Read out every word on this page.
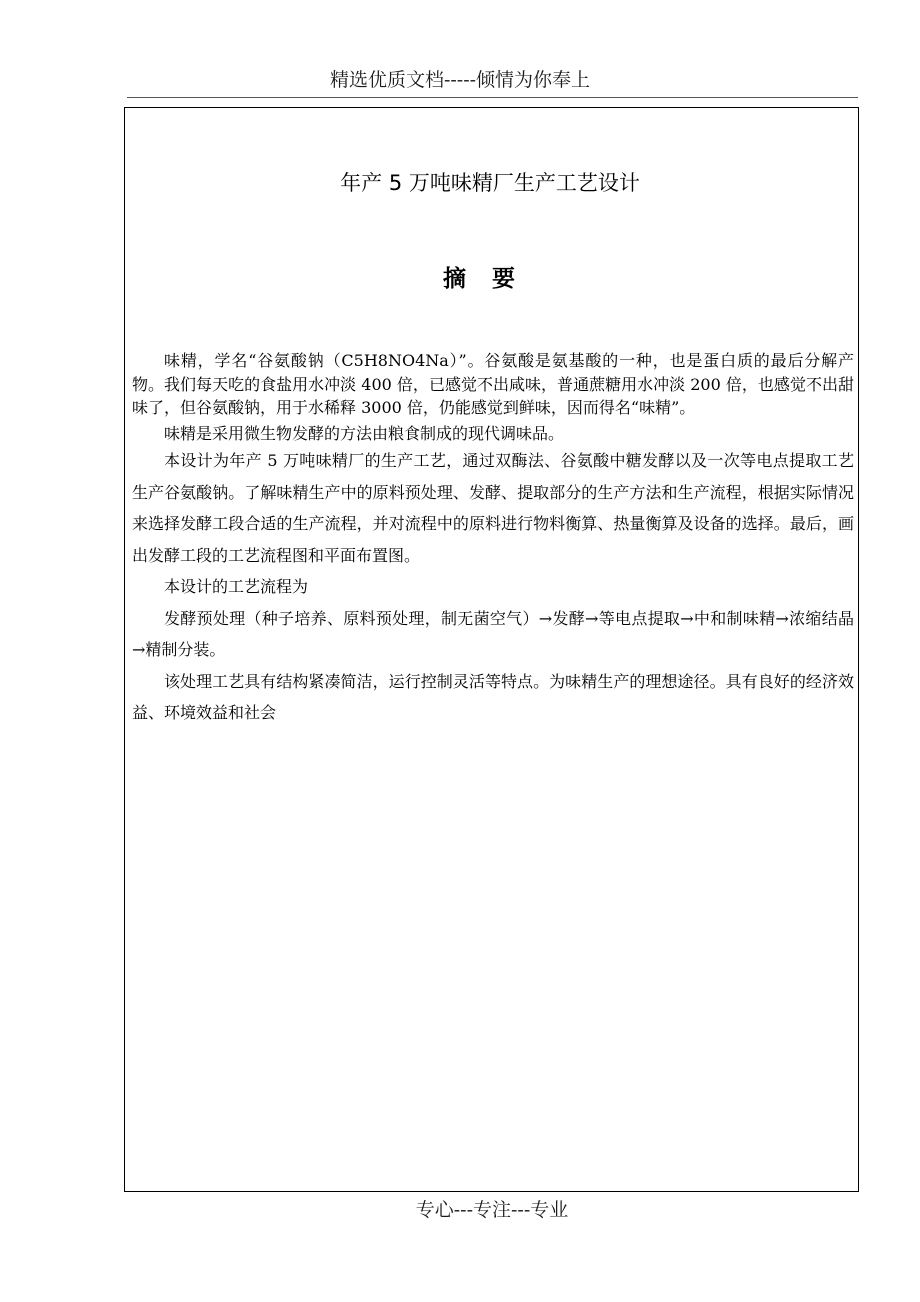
精选优质文档-----倾情为你奉上
年产 5 万吨味精厂生产工艺设计
摘要

味精，学名“谷氨酸钠（C5H8NO4Na）”。谷氨酸是氨基酸的一种，也是蛋白质的最后分解产物。我们每天吃的食盐用水冲淡 400 倍，已感觉不出咸味，普通蔗糖用水冲淡 200 倍，也感觉不出甜味了，但谷氨酸钠，用于水稀释 3000 倍，仍能感觉到鲜味，因而得名“味精”。

味精是采用微生物发酵的方法由粮食制成的现代调味品。

本设计为年产 5 万吨味精厂的生产工艺，通过双酶法、谷氨酸中糖发酵以及一次等电点提取工艺生产谷氨酸钠。了解味精生产中的原料预处理、发酵、提取部分的生产方法和生产流程，根据实际情况来选择发酵工段合适的生产流程，并对流程中的原料进行物料衡算、热量衡算及设备的选择。最后，画出发酵工段的工艺流程图和平面布置图。

本设计的工艺流程为

发酵预处理（种子培养、原料预处理，制无菌空气）→发酵→等电点提取→中和制味精→浓缩结晶→精制分装。

该处理工艺具有结构紧凑简洁，运行控制灵活等特点。为味精生产的理想途径。具有良好的经济效益、环境效益和社会

专心---专注---专业
